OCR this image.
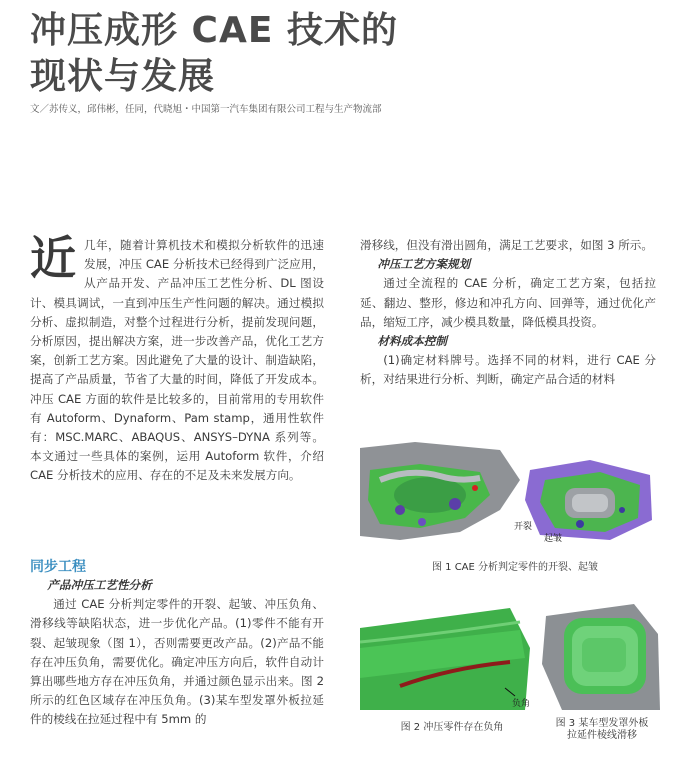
冲压成形 CAE 技术的
现状与发展
文／苏传义，邱伟彬，任同，代晓旭・中国第一汽车集团有限公司工程与生产物流部

近 几年，随着计算机技术和模拟分析软件的迅速发展，冲压 CAE 分析技术已经得到广泛应用，从产品开发、产品冲压工艺性分析、DL 图设计、模具调试，一直到冲压生产性问题的解决。通过模拟分析、虚拟制造，对整个过程进行分析，提前发现问题，分析原因，提出解决方案，进一步改善产品，优化工艺方案，创新工艺方案。因此避免了大量的设计、制造缺陷，提高了产品质量，节省了大量的时间，降低了开发成本。冲压 CAE 方面的软件是比较多的，目前常用的专用软件有 Autoform、Dynaform、Pam stamp，通用性软件有：MSC.MARC、ABAQUS、ANSYS–DYNA 系列等。本文通过一些具体的案例，运用 Autoform 软件，介绍 CAE 分析技术的应用、存在的不足及未来发展方向。

同步工程

产品冲压工艺性分析

通过 CAE 分析判定零件的开裂、起皱、冲压负角、滑移线等缺陷状态，进一步优化产品。(1)零件不能有开裂、起皱现象（图 1），否则需要更改产品。(2)产品不能存在冲压负角，需要优化。确定冲压方向后，软件自动计算出哪些地方存在冲压负角，并通过颜色显示出来。图 2 所示的红色区域存在冲压负角。(3)某车型发罩外板拉延件的棱线在拉延过程中有 5mm 的

滑移线，但没有滑出圆角，满足工艺要求，如图 3 所示。

冲压工艺方案规划

通过全流程的 CAE 分析，确定工艺方案，包括拉延、翻边、整形，修边和冲孔方向、回弹等，通过优化产品，缩短工序，减少模具数量，降低模具投资。

材料成本控制

(1)确定材料牌号。选择不同的材料，进行 CAE 分析，对结果进行分析、判断，确定产品合适的材料

开裂
起皱
图 1 CAE 分析判定零件的开裂、起皱
负角
图 2 冲压零件存在负角	图 3 某车型发罩外板
拉延件棱线滑移
